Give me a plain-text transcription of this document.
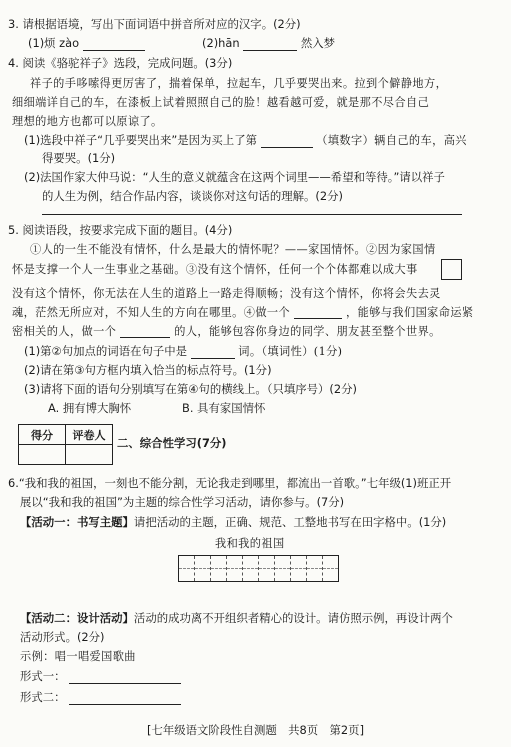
3. 请根据语境，写出下面词语中拼音所对应的汉字。(2分)
(1)烦 zào	(2)hān	然入梦
4. 阅读《骆驼祥子》选段，完成问题。(3分)
祥子的手哆嗦得更厉害了，揣着保单，拉起车，几乎要哭出来。拉到个僻静地方，
细细端详自己的车，在漆板上试着照照自己的脸！越看越可爱，就是那不尽合自己
理想的地方也都可以原谅了。
(1)选段中祥子“几乎要哭出来”是因为买上了第	（填数字）辆自己的车，高兴
得要哭。(1分)
(2)法国作家大仲马说：“人生的意义就蕴含在这两个词里——希望和等待。”请以祥子
的人生为例，结合作品内容，谈谈你对这句话的理解。(2分)
5. 阅读语段，按要求完成下面的题目。(4分)
①人的一生不能没有情怀，什么是最大的情怀呢？——家国情怀。②因为家国情
怀是支撑一个人一生事业之基础。③没有这个情怀，任何一个个体都难以成大事
没有这个情怀，你无法在人生的道路上一路走得顺畅；没有这个情怀，你将会失去灵
魂，茫然无所应对，不知人生的方向在哪里。④做一个	，能够与我们国家命运紧
密相关的人，做一个	的人，能够包容你身边的同学、朋友甚至整个世界。
(1)第②句加点的词语在句子中是	词。（填词性）(1分)
(2)请在第③句方框内填入恰当的标点符号。(1分)
(3)请将下面的语句分别填写在第④句的横线上。（只填序号）(2分)
A. 拥有博大胸怀	B. 具有家国情怀
得分	评卷人

二、综合性学习(7分)
6.“我和我的祖国，一刻也不能分割，无论我走到哪里，都流出一首歌。”七年级(1)班正开
展以“我和我的祖国”为主题的综合性学习活动，请你参与。(7分)
【活动一：书写主题】请把活动的主题，正确、规范、工整地书写在田字格中。(1分)
我和我的祖国
【活动二：设计活动】活动的成功离不开组织者精心的设计。请仿照示例，再设计两个
活动形式。(2分)
示例：唱一唱爱国歌曲
形式一：
形式二：
[七年级语文阶段性自测题　共8页　第2页]
